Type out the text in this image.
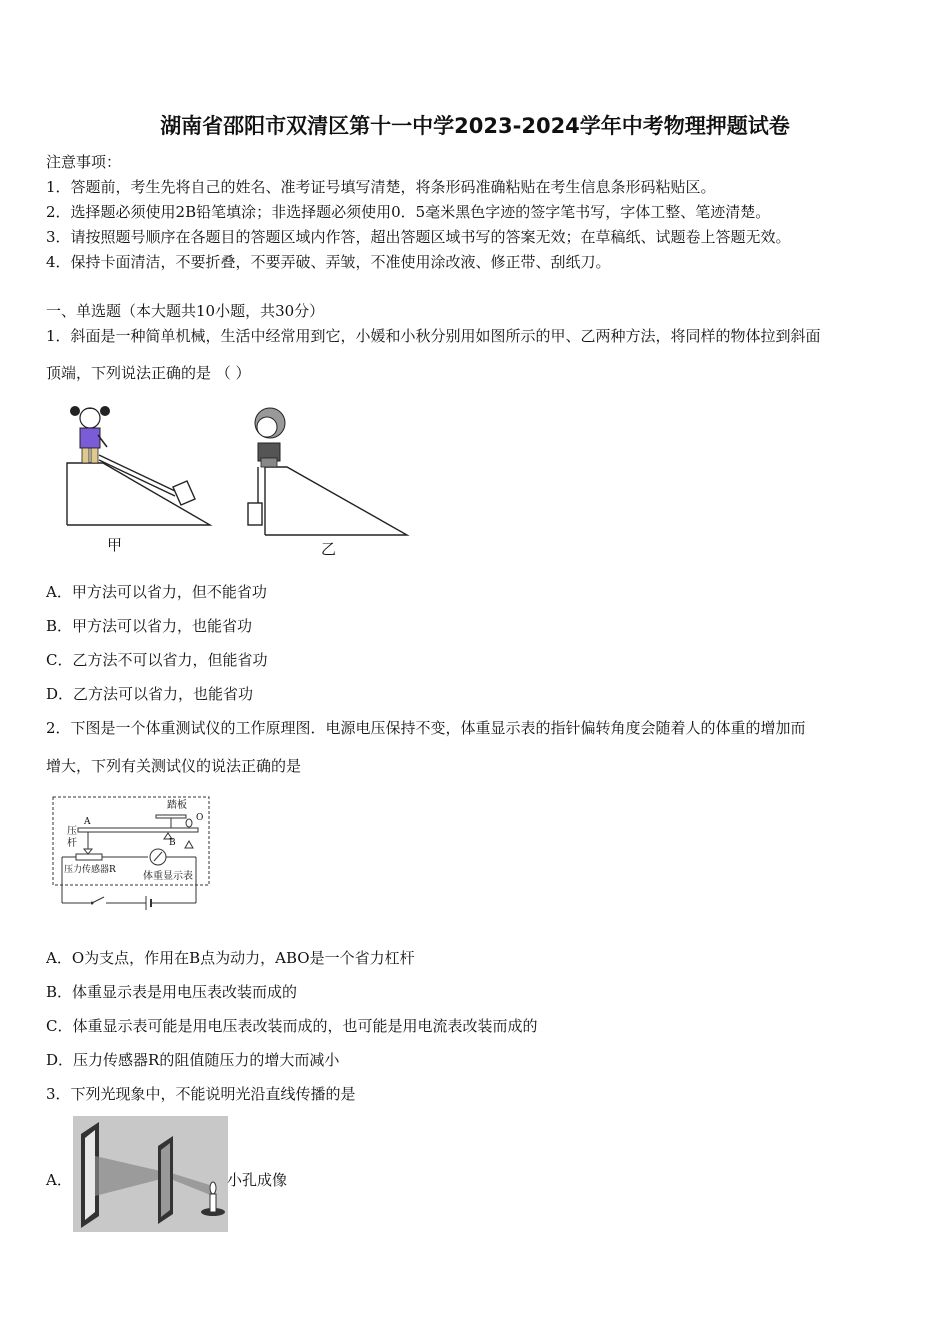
湖南省邵阳市双清区第十一中学2023-2024学年中考物理押题试卷
注意事项：
1．答题前，考生先将自己的姓名、准考证号填写清楚，将条形码准确粘贴在考生信息条形码粘贴区。
2．选择题必须使用2B铅笔填涂；非选择题必须使用0．5毫米黑色字迹的签字笔书写，字体工整、笔迹清楚。
3．请按照题号顺序在各题目的答题区域内作答，超出答题区域书写的答案无效；在草稿纸、试题卷上答题无效。
4．保持卡面清洁，不要折叠，不要弄破、弄皱，不准使用涂改液、修正带、刮纸刀。
一、单选题（本大题共10小题，共30分）
1．斜面是一种简单机械，生活中经常用到它，小媛和小秋分别用如图所示的甲、乙两种方法，将同样的物体拉到斜面
顶端，下列说法正确的是 （ ）
甲	乙
A．甲方法可以省力，但不能省功
B．甲方法可以省力，也能省功
C．乙方法不可以省力，但能省功
D．乙方法可以省力，也能省功
2．下图是一个体重测试仪的工作原理图．电源电压保持不变，体重显示表的指针偏转角度会随着人的体重的增加而
增大，下列有关测试仪的说法正确的是
踏板
压
杆
A
B
O
压力传感器R
体重显示表
A．O为支点，作用在B点为动力，ABO是一个省力杠杆
B．体重显示表是用电压表改装而成的
C．体重显示表可能是用电压表改装而成的，也可能是用电流表改装而成的
D．压力传感器R的阻值随压力的增大而减小
3．下列光现象中，不能说明光沿直线传播的是
A．	小孔成像
